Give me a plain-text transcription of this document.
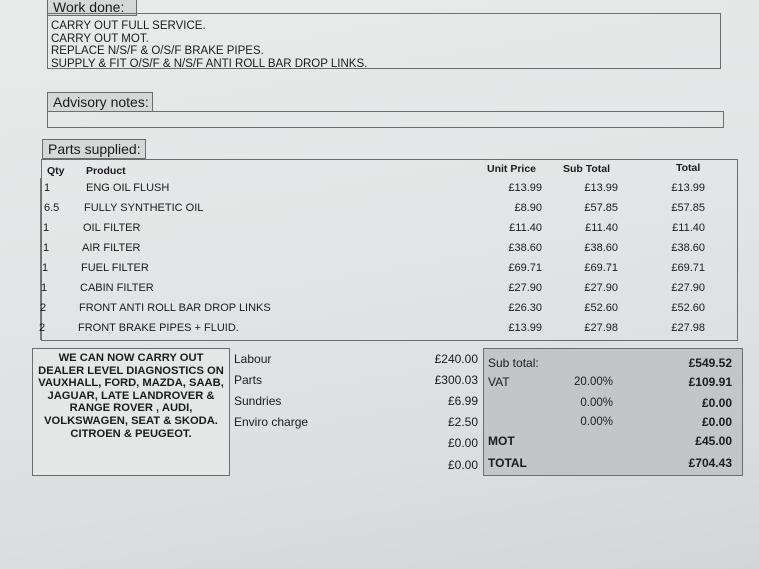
Work done:
CARRY OUT FULL SERVICE.
CARRY OUT MOT.
REPLACE N/S/F & O/S/F BRAKE PIPES.
SUPPLY & FIT O/S/F & N/S/F ANTI ROLL BAR DROP LINKS.
Advisory notes:
Parts supplied:
Qty Product	Unit Price	Sub Total	Total
1	ENG OIL FLUSH	£13.99	£13.99	£13.99
6.5 FULLY SYNTHETIC OIL	£8.90	£57.85	£57.85
1	OIL FILTER	£11.40	£11.40	£11.40
1	AIR FILTER	£38.60	£38.60	£38.60
1	FUEL FILTER	£69.71	£69.71	£69.71
1	CABIN FILTER	£27.90	£27.90	£27.90
2	FRONT ANTI ROLL BAR DROP LINKS	£26.30	£52.60	£52.60
2	FRONT BRAKE PIPES + FLUID.	£13.99	£27.98	£27.98
WE CAN NOW CARRY OUT DEALER LEVEL DIAGNOSTICS ON VAUXHALL, FORD, MAZDA, SAAB, JAGUAR, LATE LANDROVER & RANGE ROVER , AUDI, VOLKSWAGEN, SEAT & SKODA. CITROEN & PEUGEOT.
Labour	£240.00
Parts	£300.03
Sundries	£6.99
Enviro charge	£2.50
£0.00
£0.00
Sub total:	£549.52
VAT	20.00%	£109.91
0.00%	£0.00
0.00%	£0.00
MOT	£45.00
TOTAL	£704.43
